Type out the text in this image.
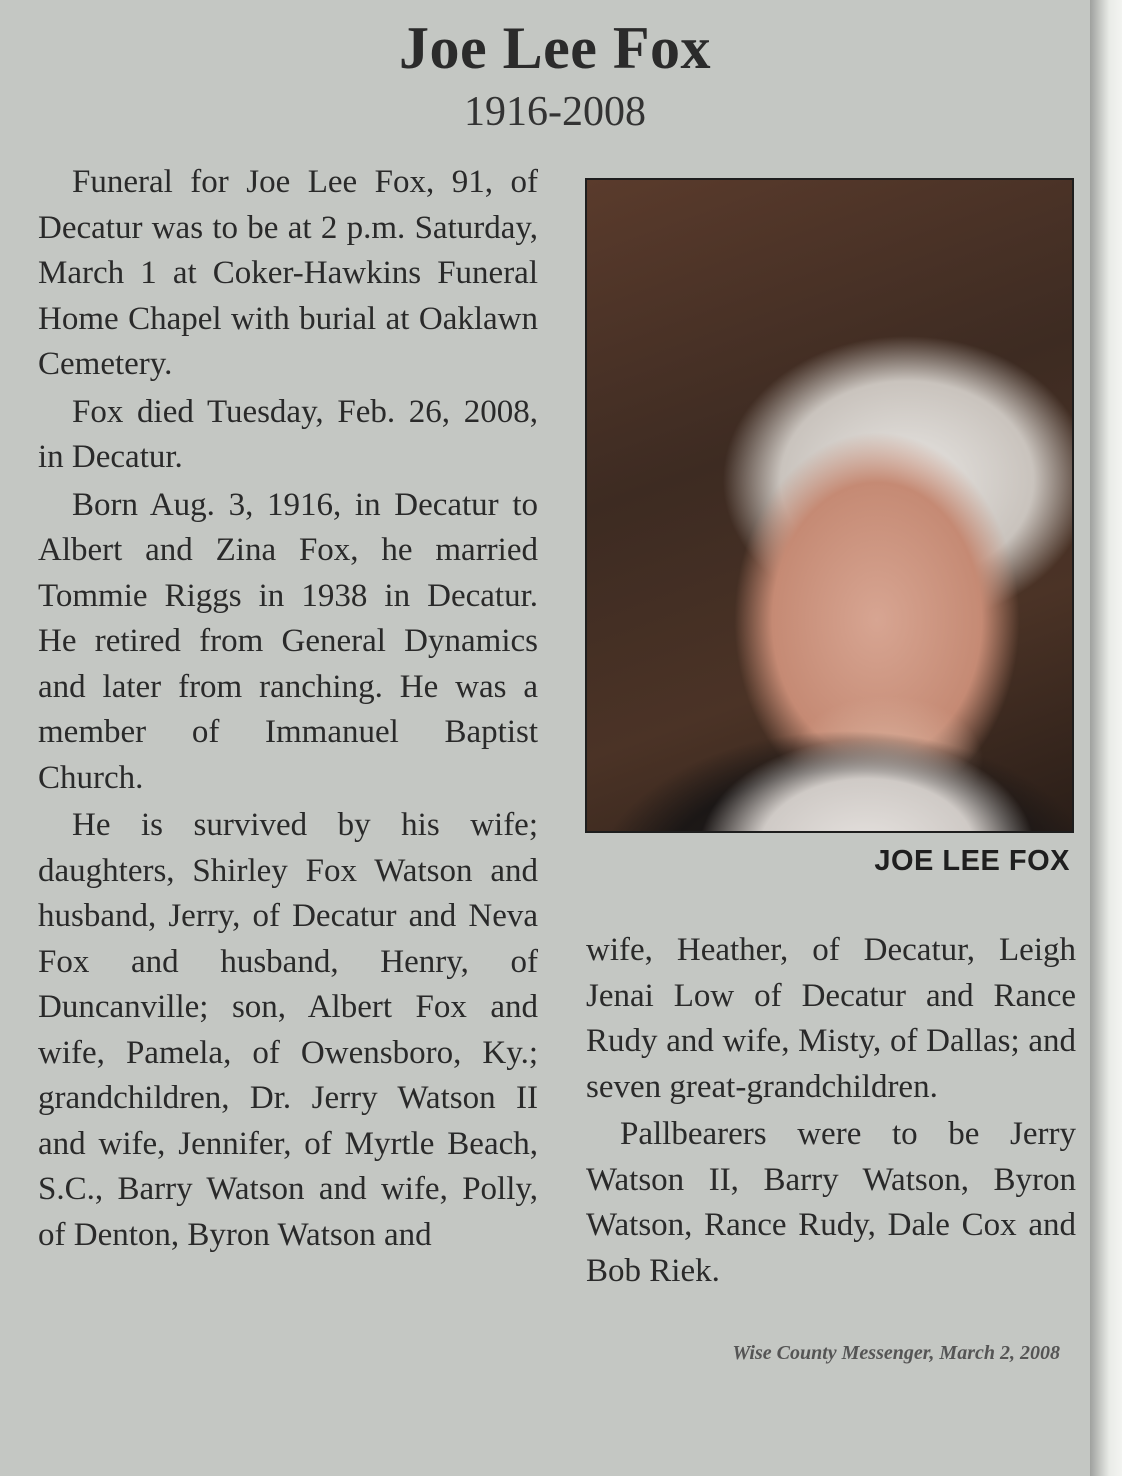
Joe Lee Fox
1916-2008

Funeral for Joe Lee Fox, 91, of Decatur was to be at 2 p.m. Saturday, March 1 at Coker-Hawkins Funeral Home Chapel with burial at Oaklawn Cemetery.

Fox died Tuesday, Feb. 26, 2008, in Decatur.

Born Aug. 3, 1916, in Decatur to Albert and Zina Fox, he married Tommie Riggs in 1938 in Decatur. He retired from General Dynamics and later from ranching. He was a member of Immanuel Baptist Church.

He is survived by his wife; daughters, Shirley Fox Watson and husband, Jerry, of Decatur and Neva Fox and husband, Henry, of Duncanville; son, Albert Fox and wife, Pamela, of Owensboro, Ky.; grandchildren, Dr. Jerry Watson II and wife, Jennifer, of Myrtle Beach, S.C., Barry Watson and wife, Polly, of Denton, Byron Watson and

JOE LEE FOX

wife, Heather, of Decatur, Leigh Jenai Low of Decatur and Rance Rudy and wife, Misty, of Dallas; and seven great-grandchildren.

Pallbearers were to be Jerry Watson II, Barry Watson, Byron Watson, Rance Rudy, Dale Cox and Bob Riek.

Wise County Messenger, March 2, 2008
